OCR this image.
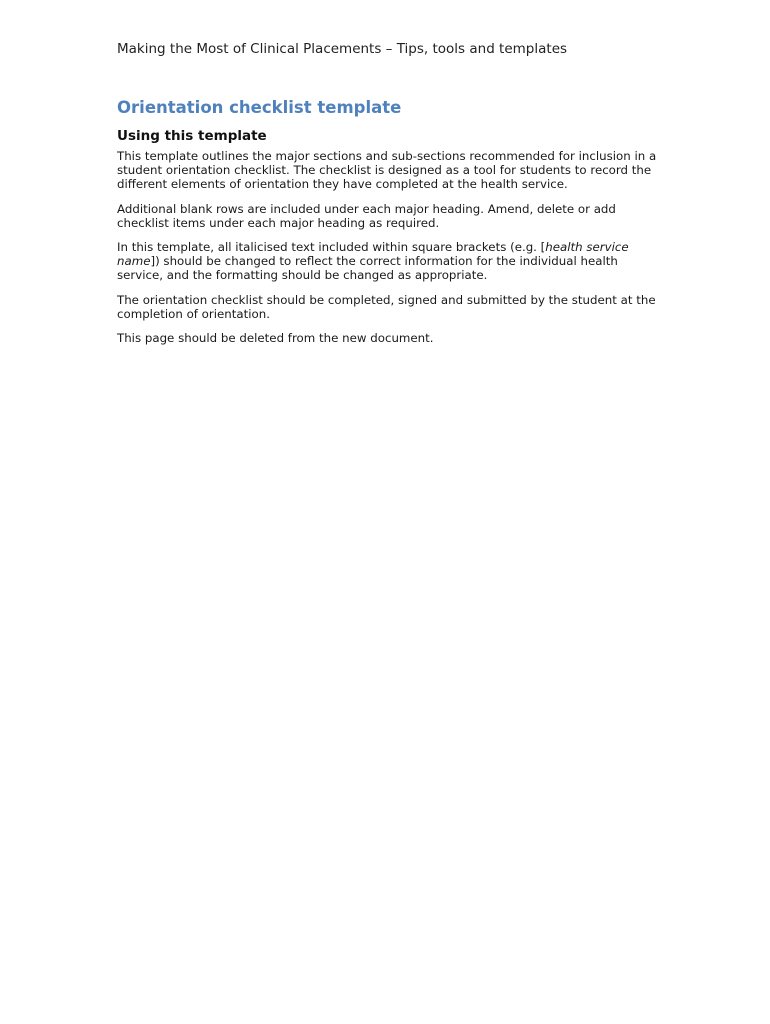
Making the Most of Clinical Placements – Tips, tools and templates
Orientation checklist template
Using this template

This template outlines the major sections and sub-sections recommended for inclusion in a student orientation checklist. The checklist is designed as a tool for students to record the different elements of orientation they have completed at the health service.

Additional blank rows are included under each major heading. Amend, delete or add checklist items under each major heading as required.

In this template, all italicised text included within square brackets (e.g. [health service name]) should be changed to reflect the correct information for the individual health service, and the formatting should be changed as appropriate.

The orientation checklist should be completed, signed and submitted by the student at the completion of orientation.

This page should be deleted from the new document.
